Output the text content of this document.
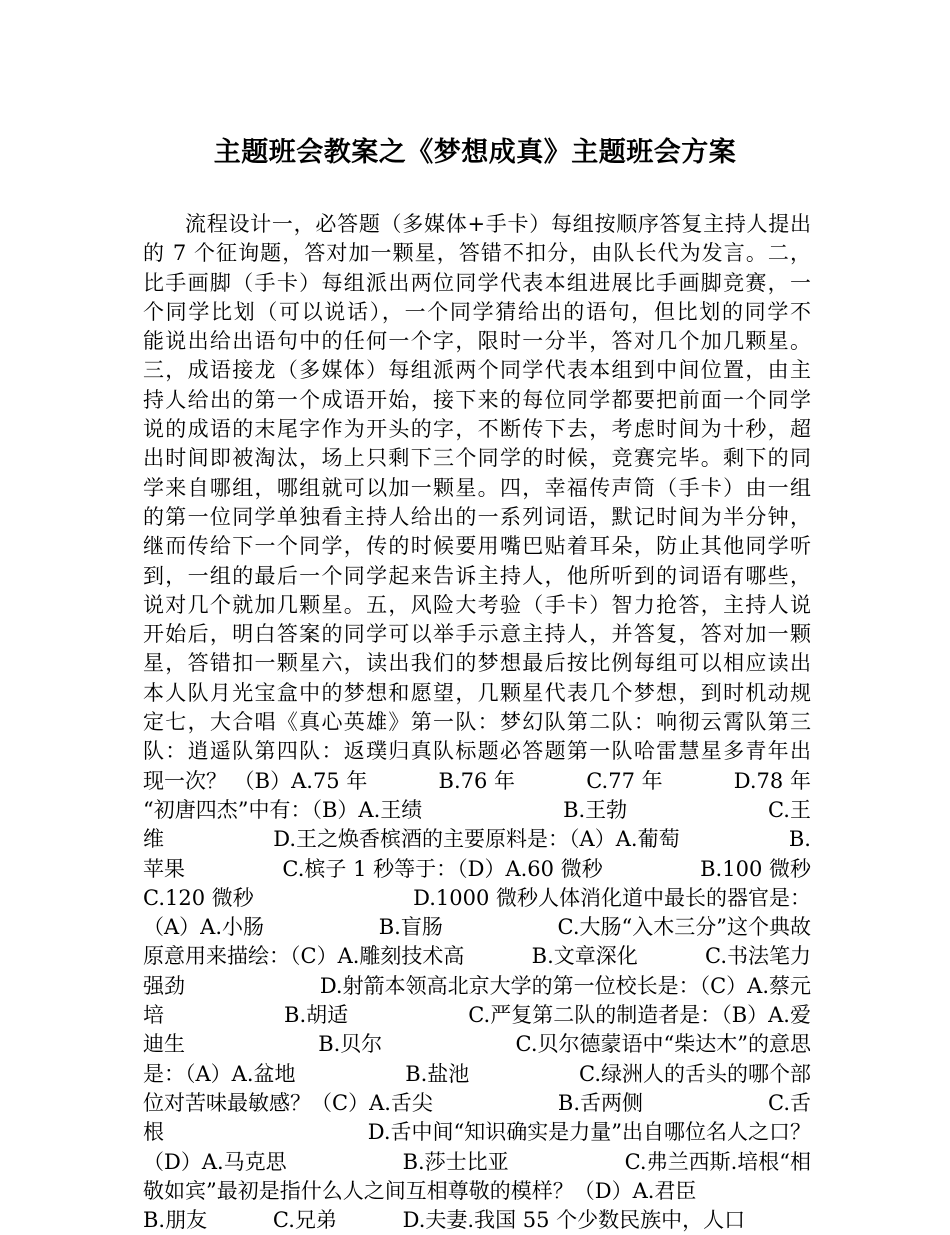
主题班会教案之《梦想成真》主题班会方案
流程设计一，必答题（多媒体+手卡）每组按顺序答复主持人提出
的 7 个征询题，答对加一颗星，答错不扣分，由队长代为发言。二，
比手画脚（手卡）每组派出两位同学代表本组进展比手画脚竞赛，一
个同学比划（可以说话），一个同学猜给出的语句，但比划的同学不
能说出给出语句中的任何一个字，限时一分半，答对几个加几颗星。
三，成语接龙（多媒体）每组派两个同学代表本组到中间位置，由主
持人给出的第一个成语开始，接下来的每位同学都要把前面一个同学
说的成语的末尾字作为开头的字，不断传下去，考虑时间为十秒，超
出时间即被淘汰，场上只剩下三个同学的时候，竞赛完毕。剩下的同
学来自哪组，哪组就可以加一颗星。四，幸福传声筒（手卡）由一组
的第一位同学单独看主持人给出的一系列词语，默记时间为半分钟，
继而传给下一个同学，传的时候要用嘴巴贴着耳朵，防止其他同学听
到，一组的最后一个同学起来告诉主持人，他所听到的词语有哪些，
说对几个就加几颗星。五，风险大考验（手卡）智力抢答，主持人说
开始后，明白答案的同学可以举手示意主持人，并答复，答对加一颗
星，答错扣一颗星六，读出我们的梦想最后按比例每组可以相应读出
本人队月光宝盒中的梦想和愿望，几颗星代表几个梦想，到时机动规
定七，大合唱《真心英雄》第一队：梦幻队第二队：响彻云霄队第三
队：逍遥队第四队：返璞归真队标题必答题第一队哈雷慧星多青年出
现一次？ （B）A.75 年	B.76 年	C.77 年	D.78 年
“初唐四杰”中有：（B）A.王绩	B.王勃	C.王
维	D.王之焕香槟酒的主要原料是：（A）A.葡萄	B.
苹果	C.槟子 1 秒等于：（D）A.60 微秒	B.100 微秒
C.120 微秒	D.1000 微秒人体消化道中最长的器官是：
（A）A.小肠	B.盲肠	C.大肠“入木三分”这个典故
原意用来描绘：（C）A.雕刻技术高	B.文章深化	C.书法笔力
强劲	D.射箭本领高北京大学的第一位校长是：（C）A.蔡元
培	B.胡适	C.严复第二队的制造者是：（B）A.爱
迪生	B.贝尔	C.贝尔德蒙语中“柴达木”的意思
是：（A）A.盆地	B.盐池	C.绿洲人的舌头的哪个部
位对苦味最敏感？（C）A.舌尖	B.舌两侧	C.舌
根	D.舌中间“知识确实是力量”出自哪位名人之口？
（D）A.马克思	B.莎士比亚	C.弗兰西斯.培根“相
敬如宾”最初是指什么人之间互相尊敬的模样？（D）A.君臣
B.朋友	C.兄弟	D.夫妻.我国 55 个少数民族中，人口
